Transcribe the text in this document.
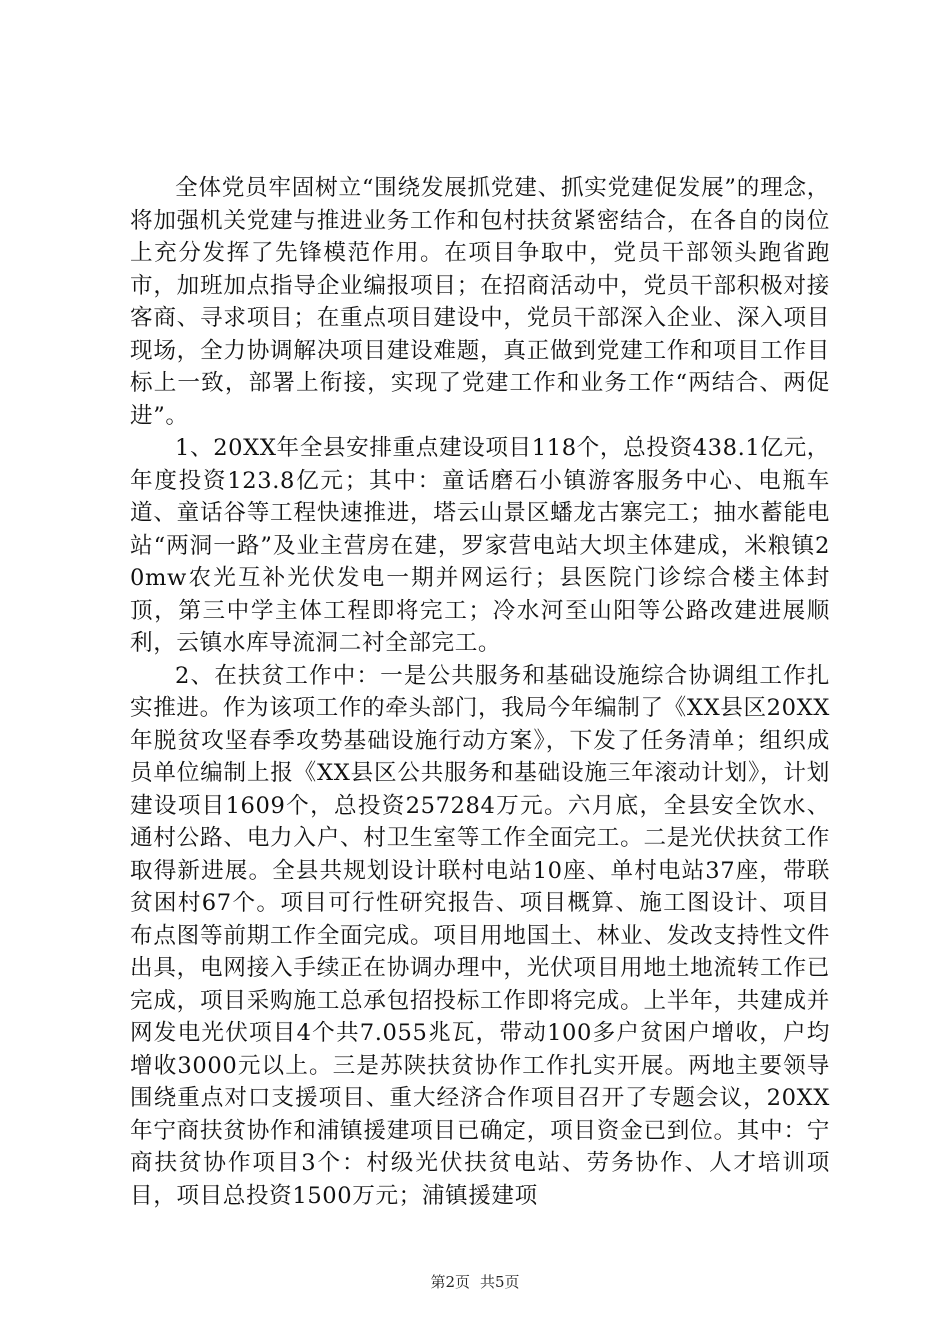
全体党员牢固树立“围绕发展抓党建、抓实党建促发展”的理念，将加强机关党建与推进业务工作和包村扶贫紧密结合，在各自的岗位上充分发挥了先锋模范作用。在项目争取中，党员干部领头跑省跑市，加班加点指导企业编报项目；在招商活动中，党员干部积极对接客商、寻求项目；在重点项目建设中，党员干部深入企业、深入项目现场，全力协调解决项目建设难题，真正做到党建工作和项目工作目标上一致，部署上衔接，实现了党建工作和业务工作“两结合、两促进”。

1、20XX年全县安排重点建设项目118个，总投资438.1亿元，年度投资123.8亿元；其中：童话磨石小镇游客服务中心、电瓶车道、童话谷等工程快速推进，塔云山景区蟠龙古寨完工；抽水蓄能电站“两洞一路”及业主营房在建，罗家营电站大坝主体建成，米粮镇20mw农光互补光伏发电一期并网运行；县医院门诊综合楼主体封顶，第三中学主体工程即将完工；冷水河至山阳等公路改建进展顺利，云镇水库导流洞二衬全部完工。

2、在扶贫工作中：一是公共服务和基础设施综合协调组工作扎实推进。作为该项工作的牵头部门，我局今年编制了《XX县区20XX年脱贫攻坚春季攻势基础设施行动方案》，下发了任务清单；组织成员单位编制上报《XX县区公共服务和基础设施三年滚动计划》，计划建设项目1609个，总投资257284万元。六月底，全县安全饮水、通村公路、电力入户、村卫生室等工作全面完工。二是光伏扶贫工作取得新进展。全县共规划设计联村电站10座、单村电站37座，带联贫困村67个。项目可行性研究报告、项目概算、施工图设计、项目布点图等前期工作全面完成。项目用地国土、林业、发改支持性文件出具，电网接入手续正在协调办理中，光伏项目用地土地流转工作已完成，项目采购施工总承包招投标工作即将完成。上半年，共建成并网发电光伏项目4个共7.055兆瓦，带动100多户贫困户增收，户均增收3000元以上。三是苏陕扶贫协作工作扎实开展。两地主要领导围绕重点对口支援项目、重大经济合作项目召开了专题会议，20XX年宁商扶贫协作和浦镇援建项目已确定，项目资金已到位。其中：宁商扶贫协作项目3个：村级光伏扶贫电站、劳务协作、人才培训项目，项目总投资1500万元；浦镇援建项

第2页 共5页
